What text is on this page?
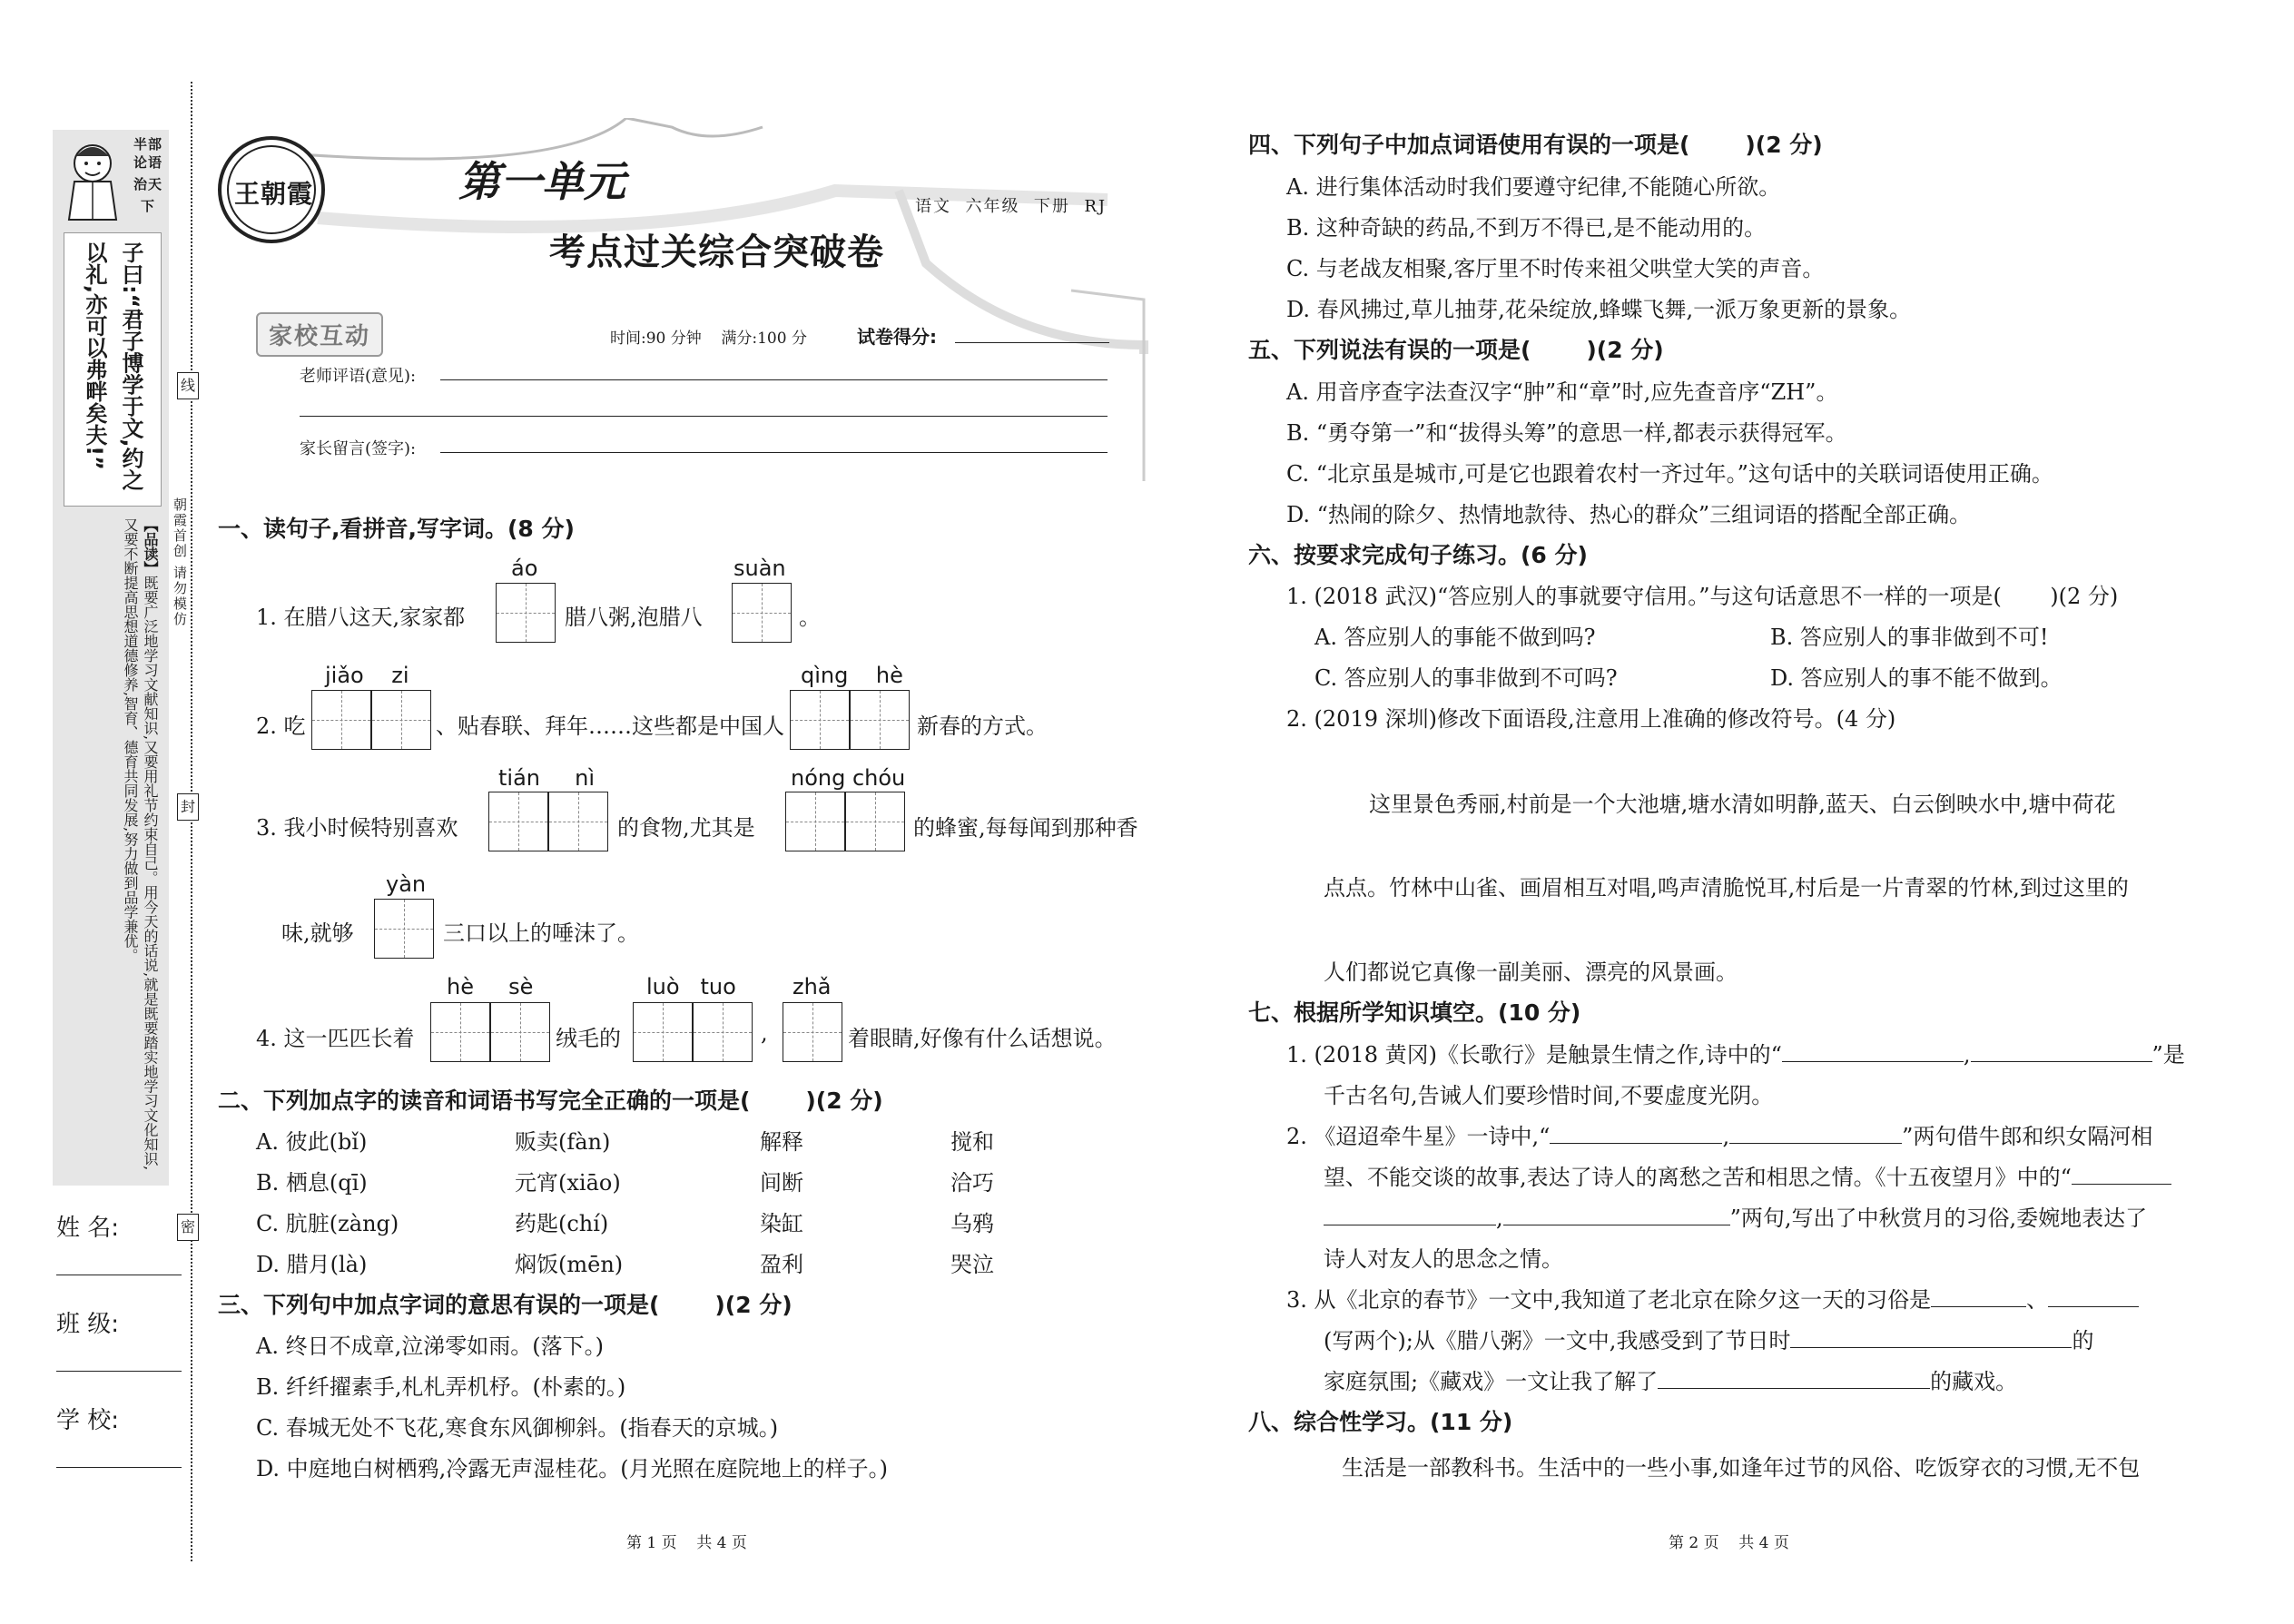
半 部
论 语
治 天
下
子曰:“君子博学于文,约之以礼,亦可以弗畔矣夫!”
【品读】既要广泛地学习文献知识,又要用礼节约束自己。用今天的话说,就是既要踏实地学习文化知识,又要不断提高思想道德修养,智育、德育共同发展,努力做到品学兼优。
姓 名:
班 级:
学 校:
朝霞首创 请勿模仿
线
封
密
王朝霞	第一单元
考点过关综合突破卷
语文  六年级  下册  RJ
家校互动	时间:90 分钟    满分:100 分	试卷得分:
老师评语(意见):
家长留言(签字):
一、读句子,看拼音,写字词。(8 分)
1. 在腊八这天,家家都
áo
腊八粥,泡腊八
suàn
。
2. 吃
jiǎo    zi
、贴春联、拜年……这些都是中国人
qìng    hè
新春的方式。
3. 我小时候特别喜欢
tián     nì
的食物,尤其是
nóng chóu
的蜂蜜,每每闻到那种香
味,就够
yàn
三口以上的唾沫了。
4. 这一匹匹长着
hè     sè
绒毛的
luò   tuo
,
zhǎ
着眼睛,好像有什么话想说。
二、下列加点字的读音和词语书写完全正确的一项是(       )(2 分)
A. 彼此(bǐ)	贩卖(fàn)	解释	搅和
B. 栖息(qī)	元宵(xiāo)	间断	洽巧
C. 肮脏(zàng)	药匙(chí)	染缸	乌鸦
D. 腊月(là)	焖饭(mēn)	盈利	哭泣
三、下列句中加点字词的意思有误的一项是(       )(2 分)
A. 终日不成章,泣涕零如雨。(落下。)
B. 纤纤擢素手,札札弄机杼。(朴素的。)
C. 春城无处不飞花,寒食东风御柳斜。(指春天的京城。)
D. 中庭地白树栖鸦,冷露无声湿桂花。(月光照在庭院地上的样子。)
第 1 页    共 4 页
四、下列句子中加点词语使用有误的一项是(       )(2 分)
A. 进行集体活动时我们要遵守纪律,不能随心所欲。
B. 这种奇缺的药品,不到万不得已,是不能动用的。
C. 与老战友相聚,客厅里不时传来祖父哄堂大笑的声音。
D. 春风拂过,草儿抽芽,花朵绽放,蜂蝶飞舞,一派万象更新的景象。
五、下列说法有误的一项是(       )(2 分)
A. 用音序查字法查汉字“肿”和“章”时,应先查音序“ZH”。
B. “勇夺第一”和“拔得头筹”的意思一样,都表示获得冠军。
C. “北京虽是城市,可是它也跟着农村一齐过年。”这句话中的关联词语使用正确。
D. “热闹的除夕、热情地款待、热心的群众”三组词语的搭配全部正确。
六、按要求完成句子练习。(6 分)
1. (2018 武汉)“答应别人的事就要守信用。”与这句话意思不一样的一项是(       )(2 分)
A. 答应别人的事能不做到吗?	B. 答应别人的事非做到不可!
C. 答应别人的事非做到不可吗?	D. 答应别人的事不能不做到。
2. (2019 深圳)修改下面语段,注意用上准确的修改符号。(4 分)
这里景色秀丽,村前是一个大池塘,塘水清如明静,蓝天、白云倒映水中,塘中荷花
点点。竹林中山雀、画眉相互对唱,鸣声清脆悦耳,村后是一片青翠的竹林,到过这里的
人们都说它真像一副美丽、漂亮的风景画。
七、根据所学知识填空。(10 分)
1. (2018 黄冈)《长歌行》是触景生情之作,诗中的“	,	”是
千古名句,告诫人们要珍惜时间,不要虚度光阴。
2. 《迢迢牵牛星》一诗中,“	,	”两句借牛郎和织女隔河相
望、不能交谈的故事,表达了诗人的离愁之苦和相思之情。《十五夜望月》中的“
,	”两句,写出了中秋赏月的习俗,委婉地表达了
诗人对友人的思念之情。
3. 从《北京的春节》一文中,我知道了老北京在除夕这一天的习俗是	、
(写两个);从《腊八粥》一文中,我感受到了节日时	的
家庭氛围;《藏戏》一文让我了解了	的藏戏。
八、综合性学习。(11 分)
生活是一部教科书。生活中的一些小事,如逢年过节的风俗、吃饭穿衣的习惯,无不包
第 2 页    共 4 页
